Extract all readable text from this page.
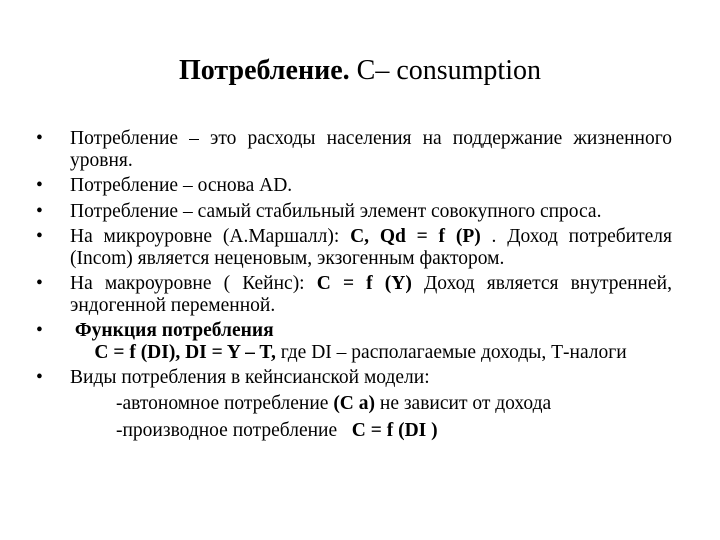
Потребление. С– consumption
•
Потребление – это расходы населения на поддержание жизненного уровня.
•
Потребление – основа AD.
•
Потребление – самый стабильный элемент совокупного спроса.
•
На микроуровне (А.Маршалл): С, Qd = f (P) . Доход потребителя (Incom) является неценовым, экзогенным фактором.
•
На макроуровне ( Кейнс): С = f (Y) Доход является внутренней, эндогенной переменной.
•
Функция потребления
С = f (DI), DI = Y – T, где DI – располагаемые доходы, Т-налоги
•
Виды потребления в кейнсианской модели:
-автономное потребление (С а) не зависит от дохода
-производное потребление   С = f (DI )
